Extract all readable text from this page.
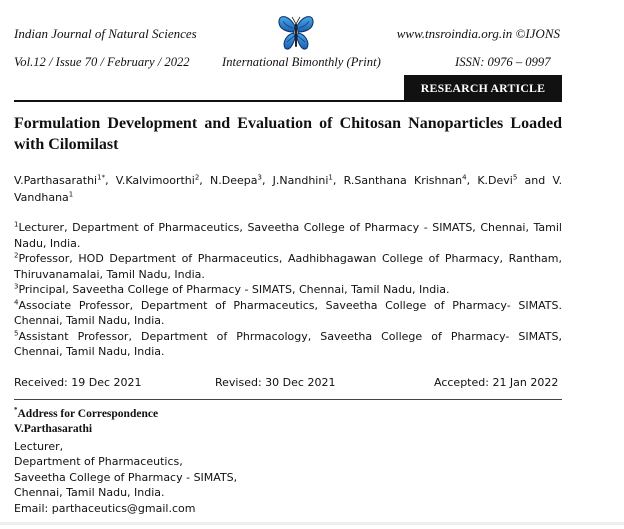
Indian Journal of Natural Sciences	www.tnsroindia.org.in ©IJONS
Vol.12 / Issue 70 / February / 2022	International Bimonthly (Print)	ISSN: 0976 – 0997
RESEARCH ARTICLE
Formulation Development and Evaluation of Chitosan Nanoparticles Loaded with Cilomilast
V.Parthasarathi$^{1*}$, V.Kalvimoorthi$^2$, N.Deepa$^3$, J.Nandhini$^1$, R.Santhana Krishnan$^4$, K.Devi$^5$ and V. Vandhana$^1$

$^1$Lecturer, Department of Pharmaceutics, Saveetha College of Pharmacy - SIMATS, Chennai, Tamil Nadu, India.

$^2$Professor, HOD Department of Pharmaceutics, Aadhibhagawan College of Pharmacy, Rantham, Thiruvanamalai, Tamil Nadu, India.

$^3$Principal, Saveetha College of Pharmacy - SIMATS, Chennai, Tamil Nadu, India.

$^4$Associate Professor, Department of Pharmaceutics, Saveetha College of Pharmacy- SIMATS. Chennai, Tamil Nadu, India.

$^5$Assistant Professor, Department of Phrmacology, Saveetha College of Pharmacy- SIMATS, Chennai, Tamil Nadu, India.

Received: 19 Dec 2021	Revised: 30 Dec 2021	Accepted: 21 Jan 2022
*Address for Correspondence
V.Parthasarathi
Lecturer,
Department of Pharmaceutics,
Saveetha College of Pharmacy - SIMATS,
Chennai, Tamil Nadu, India.
Email: parthaceutics@gmail.com
